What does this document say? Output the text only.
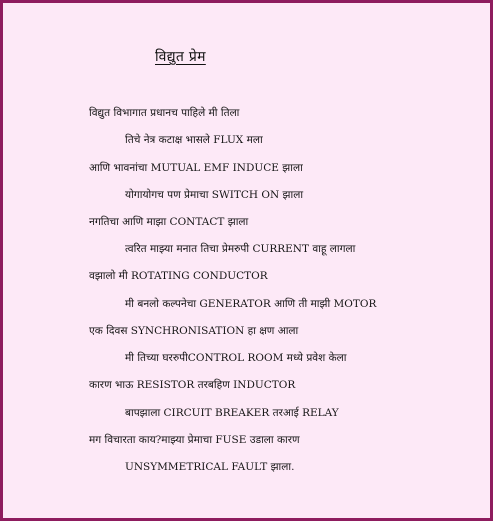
विद्युत प्रेम
विद्युत विभागात प्रधानच पाहिले मी तिला
तिचे नेत्र कटाक्ष भासले FLUX मला
आणि भावनांचा MUTUAL EMF INDUCE झाला
योगायोगच पण प्रेमाचा SWITCH ON झाला
नगतिचा आणि माझा CONTACT झाला
त्वरित माझ्या मनात तिचा प्रेमरुपी CURRENT वाहू लागला
वझालो मी ROTATING CONDUCTOR
मी बनलो कल्पनेचा GENERATOR आणि ती माझी MOTOR
एक दिवस SYNCHRONISATION हा क्षण आला
मी तिच्या घररुपीCONTROL ROOM मध्ये प्रवेश केला
कारण भाऊ RESISTOR तरबहिण INDUCTOR
बापझाला CIRCUIT BREAKER तरआई RELAY
मग विचारता काय?माझ्या प्रेमाचा FUSE उडाला कारण
UNSYMMETRICAL FAULT झाला.
